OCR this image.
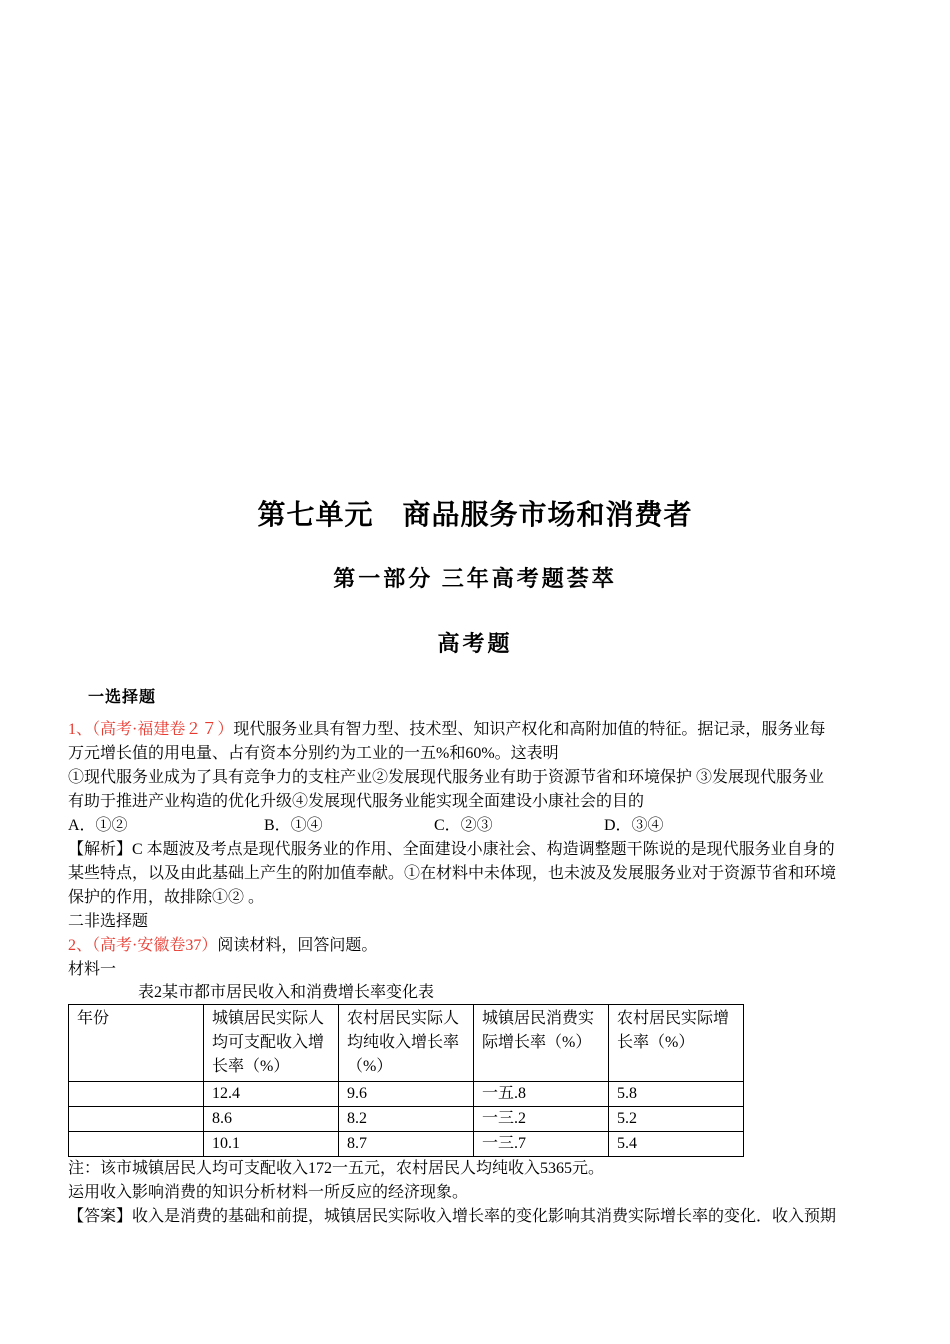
第七单元　商品服务市场和消费者
第一部分 三年高考题荟萃
高考题
一选择题
1、（高考·福建卷２７）现代服务业具有智力型、技术型、知识产权化和高附加值的特征。据记录，服务业每
万元增长值的用电量、占有资本分别约为工业的一五%和60%。这表明
①现代服务业成为了具有竞争力的支柱产业②发展现代服务业有助于资源节省和环境保护 ③发展现代服务业
有助于推进产业构造的优化升级④发展现代服务业能实现全面建设小康社会的目的
A．①②	B．①④	C．②③	D．③④
【解析】C 本题波及考点是现代服务业的作用、全面建设小康社会、构造调整题干陈说的是现代服务业自身的
某些特点，以及由此基础上产生的附加值奉献。①在材料中未体现，也未波及发展服务业对于资源节省和环境
保护的作用，故排除①② 。
二非选择题
2、（高考·安徽卷37）阅读材料，回答问题。
材料一
表2某市都市居民收入和消费增长率变化表
年份	城镇居民实际人均可支配收入增长率（%）	农村居民实际人均纯收入增长率（%）	城镇居民消费实际增长率（%）	农村居民实际增长率（%）
	12.4	9.6	一五.8	5.8
	8.6	8.2	一三.2	5.2
	10.1	8.7	一三.7	5.4
注：该市城镇居民人均可支配收入172一五元，农村居民人均纯收入5365元。
运用收入影响消费的知识分析材料一所反应的经济现象。
【答案】收入是消费的基础和前提，城镇居民实际收入增长率的变化影响其消费实际增长率的变化．收入预期
